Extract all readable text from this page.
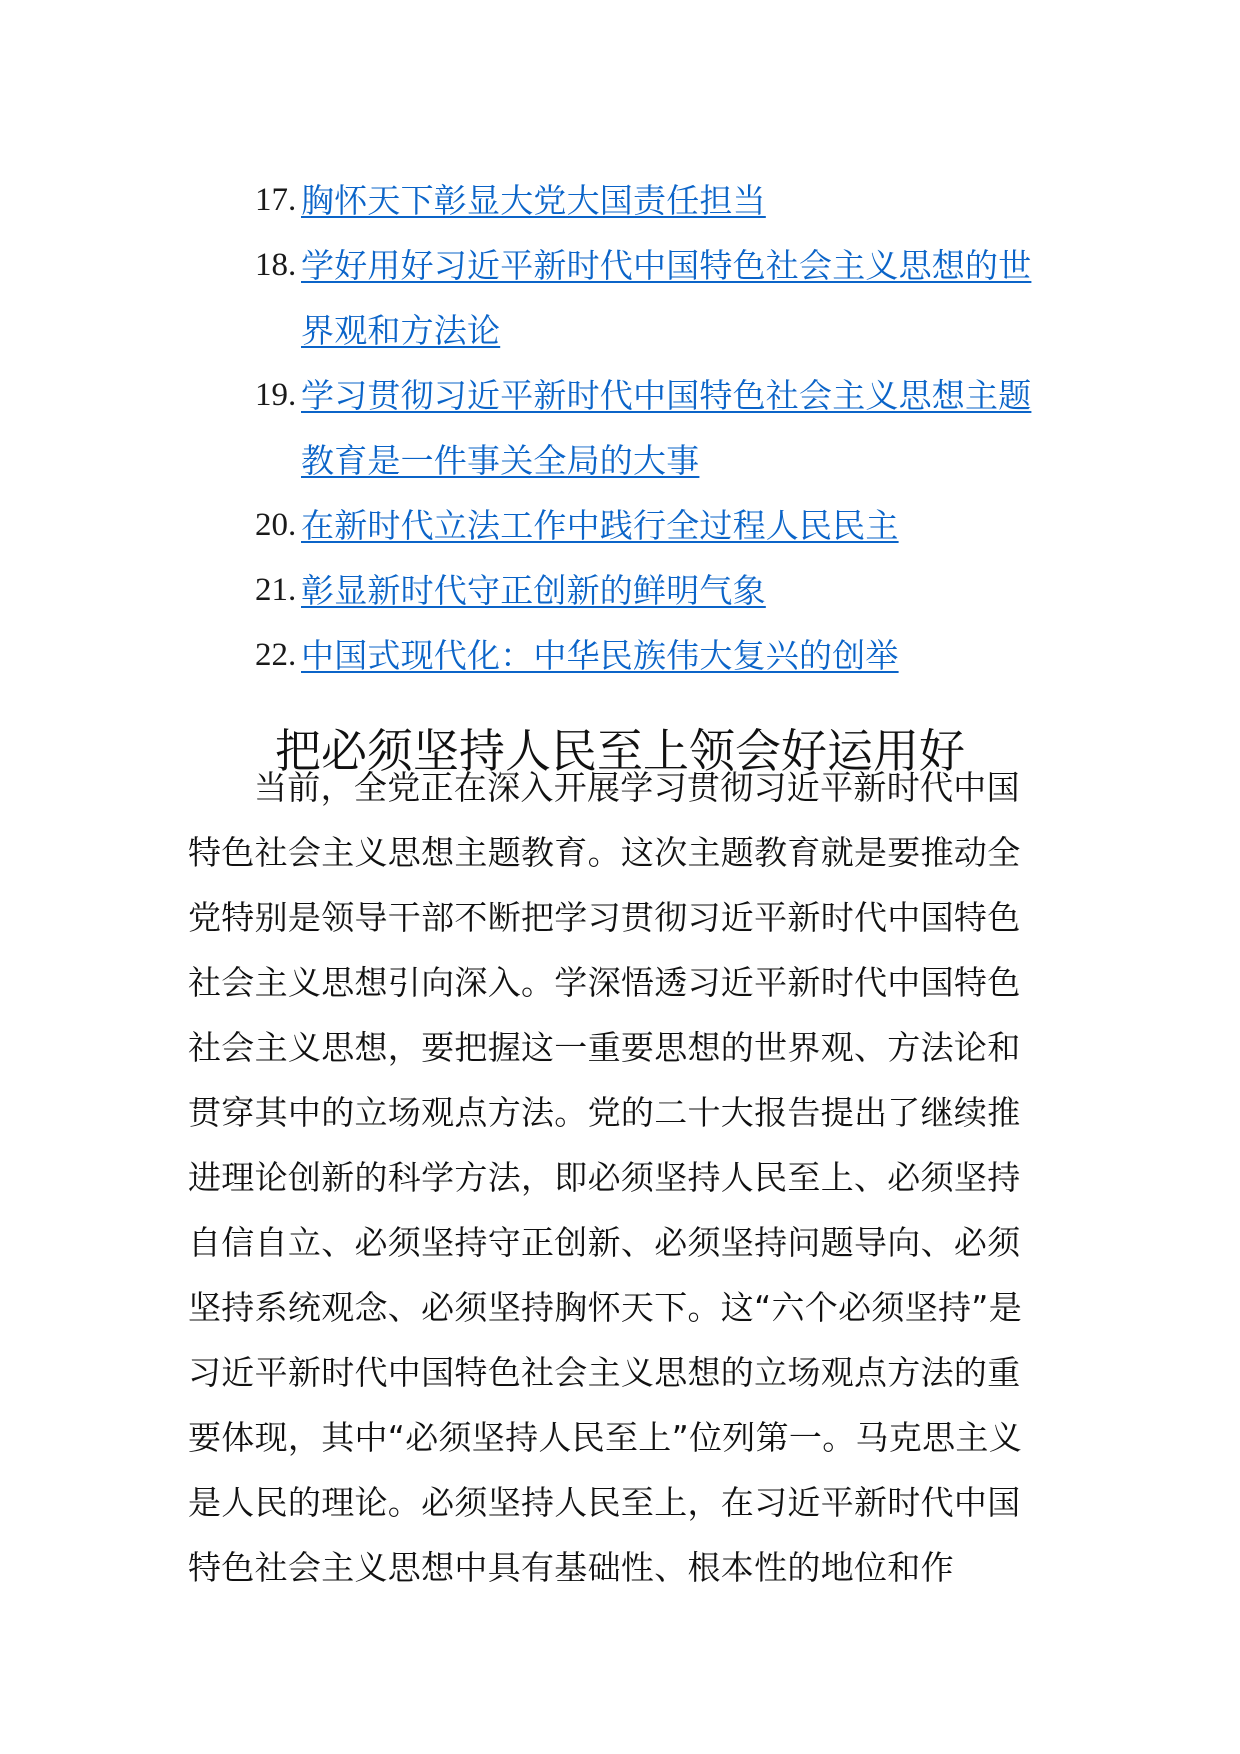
17. 胸怀天下彰显大党大国责任担当
18. 学好用好习近平新时代中国特色社会主义思想的世界观和方法论
19. 学习贯彻习近平新时代中国特色社会主义思想主题教育是一件事关全局的大事
20. 在新时代立法工作中践行全过程人民民主
21. 彰显新时代守正创新的鲜明气象
22. 中国式现代化：中华民族伟大复兴的创举
把必须坚持人民至上领会好运用好

当前，全党正在深入开展学习贯彻习近平新时代中国特色社会主义思想主题教育。这次主题教育就是要推动全党特别是领导干部不断把学习贯彻习近平新时代中国特色社会主义思想引向深入。学深悟透习近平新时代中国特色社会主义思想，要把握这一重要思想的世界观、方法论和贯穿其中的立场观点方法。党的二十大报告提出了继续推进理论创新的科学方法，即必须坚持人民至上、必须坚持自信自立、必须坚持守正创新、必须坚持问题导向、必须坚持系统观念、必须坚持胸怀天下。这“六个必须坚持”是习近平新时代中国特色社会主义思想的立场观点方法的重要体现，其中“必须坚持人民至上”位列第一。马克思主义是人民的理论。必须坚持人民至上，在习近平新时代中国特色社会主义思想中具有基础性、根本性的地位和作
